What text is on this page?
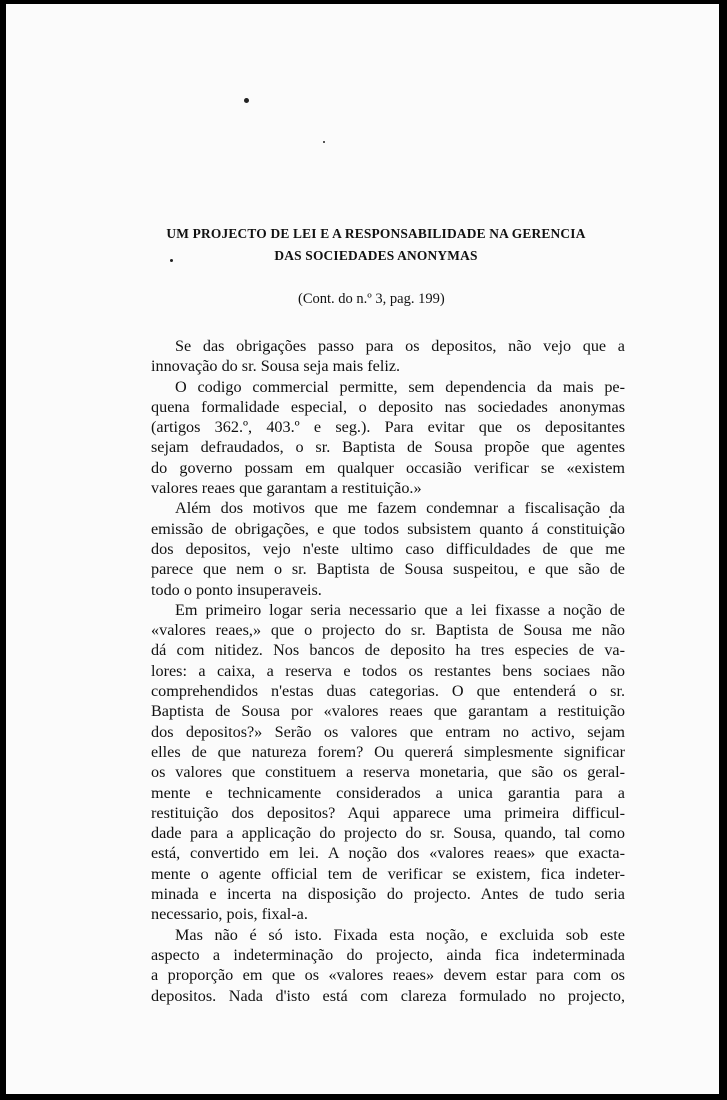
UM PROJECTO DE LEI E A RESPONSABILIDADE NA GERENCIA
DAS SOCIEDADES ANONYMAS
(Cont. do n.º 3, pag. 199)
Se das obrigações passo para os depositos, não vejo que a
innovação do sr. Sousa seja mais feliz.
O codigo commercial permitte, sem dependencia da mais pe-
quena formalidade especial, o deposito nas sociedades anonymas
(artigos 362.º, 403.º e seg.). Para evitar que os depositantes
sejam defraudados, o sr. Baptista de Sousa propõe que agentes
do governo possam em qualquer occasião verificar se «existem
valores reaes que garantam a restituição.»
Além dos motivos que me fazem condemnar a fiscalisação da
emissão de obrigações, e que todos subsistem quanto á constituição
dos depositos, vejo n'este ultimo caso difficuldades de que me
parece que nem o sr. Baptista de Sousa suspeitou, e que são de
todo o ponto insuperaveis.
Em primeiro logar seria necessario que a lei fixasse a noção de
«valores reaes,» que o projecto do sr. Baptista de Sousa me não
dá com nitidez. Nos bancos de deposito ha tres especies de va-
lores: a caixa, a reserva e todos os restantes bens sociaes não
comprehendidos n'estas duas categorias. O que entenderá o sr.
Baptista de Sousa por «valores reaes que garantam a restituição
dos depositos?» Serão os valores que entram no activo, sejam
elles de que natureza forem? Ou quererá simplesmente significar
os valores que constituem a reserva monetaria, que são os geral-
mente e technicamente considerados a unica garantia para a
restituição dos depositos? Aqui apparece uma primeira difficul-
dade para a applicação do projecto do sr. Sousa, quando, tal como
está, convertido em lei. A noção dos «valores reaes» que exacta-
mente o agente official tem de verificar se existem, fica indeter-
minada e incerta na disposição do projecto. Antes de tudo seria
necessario, pois, fixal-a.
Mas não é só isto. Fixada esta noção, e excluida sob este
aspecto a indeterminação do projecto, ainda fica indeterminada
a proporção em que os «valores reaes» devem estar para com os
depositos. Nada d'isto está com clareza formulado no projecto,
